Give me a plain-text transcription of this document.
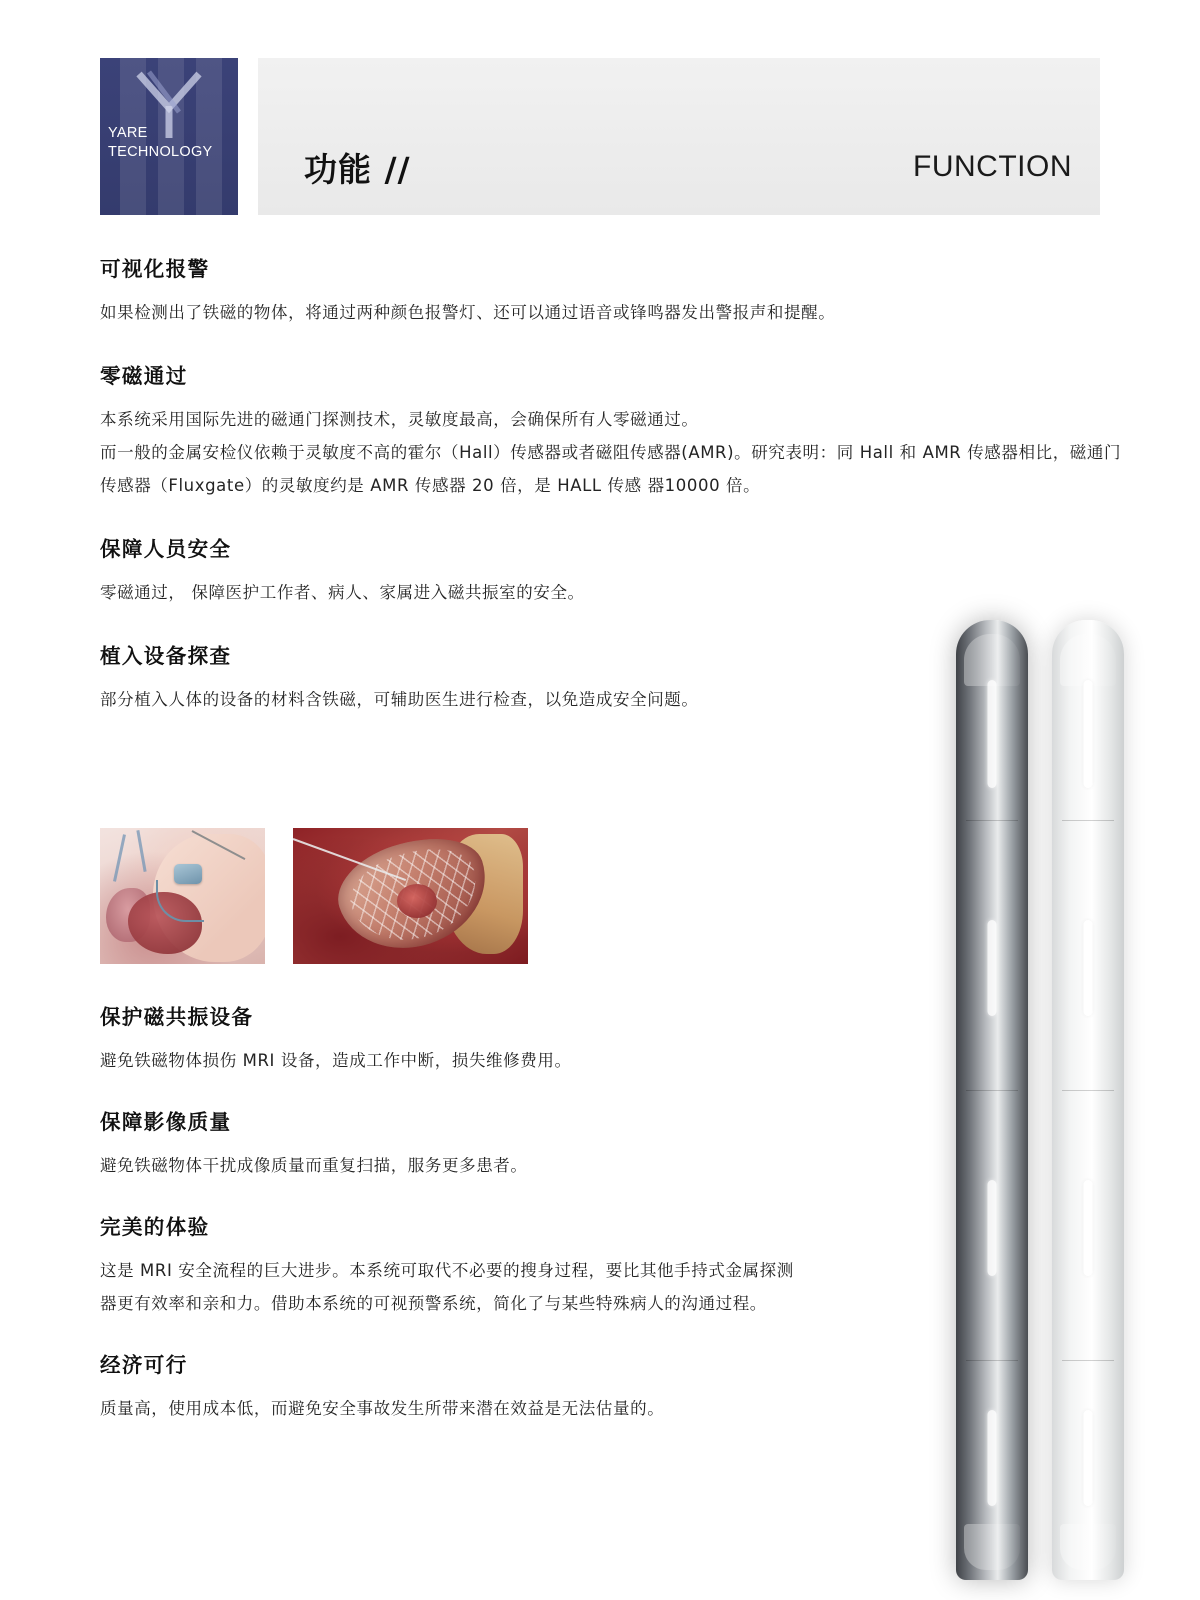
YARE
TECHNOLOGY	功能 //	FUNCTION
可视化报警

如果检测出了铁磁的物体，将通过两种颜色报警灯、还可以通过语音或锋鸣器发出警报声和提醒。

零磁通过

本系统采用国际先进的磁通门探测技术，灵敏度最高，会确保所有人零磁通过。

而一般的金属安检仪依赖于灵敏度不高的霍尔（Hall）传感器或者磁阻传感器(AMR)。研究表明：同 Hall 和 AMR 传感器相比，磁通门传感器（Fluxgate）的灵敏度约是 AMR 传感器 20 倍，是 HALL 传感 器10000 倍。

保障人员安全

零磁通过， 保障医护工作者、病人、家属进入磁共振室的安全。

植入设备探查

部分植入人体的设备的材料含铁磁，可辅助医生进行检查，以免造成安全问题。

保护磁共振设备

避免铁磁物体损伤 MRI 设备，造成工作中断，损失维修费用。

保障影像质量

避免铁磁物体干扰成像质量而重复扫描，服务更多患者。

完美的体验

这是 MRI 安全流程的巨大进步。本系统可取代不必要的搜身过程，要比其他手持式金属探测器更有效率和亲和力。借助本系统的可视预警系统，简化了与某些特殊病人的沟通过程。

经济可行

质量高，使用成本低，而避免安全事故发生所带来潜在效益是无法估量的。
